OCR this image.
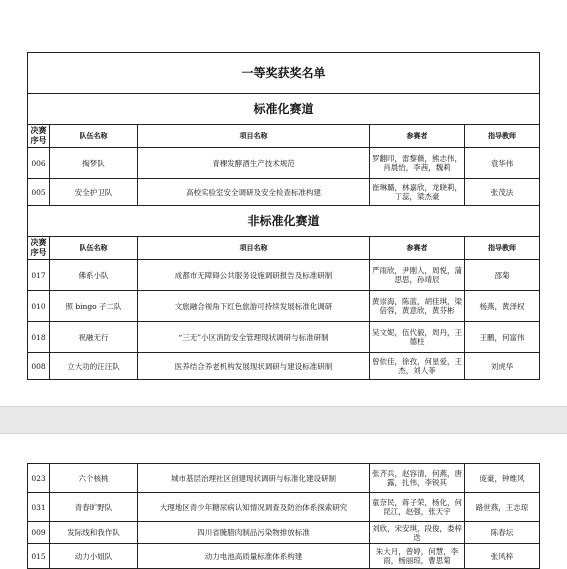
一等奖获奖名单				
标准化赛道				
决赛序号	队伍名称	项目名称	参赛者	指导教师
006	掏梦队	青稞发酵酒生产技术规范	罗翻印，雷黎薇，熊志伟，肖晨怡，李茜，魏莉	袁华伟
005	安全护卫队	高校实验室安全调研及安全检查标准构建	崔琳璐，林嘉欣，龙晓莉，丁蕊，梁杰豪	张茂法
非标准化赛道				
决赛序号	队伍名称	项目名称	参赛者	指导教师
017	佛系小队	成都市无障碍公共服务设施调研报告及标准研制	严雨欣，尹刚人，周悦，蒲思思，孙靖辰	邵菊
010	照 bingo 子二队	文旅融合视角下红色旅游可持续发展标准化调研	黄崇海，陈蓝，胡佳琪，梁倍蓉，黄意欣，黄芬彬	杨燕，黄泽权
018	祝融无行	“三无”小区消防安全管理现状调研与标准研制	吴文妮，伍代毅，周丹，王德柱	王鹏，何富伟
008	立大功的汪汪队	医养结合养老机构发展现状调研与建设标准研制	曾依佳，徐孜，何星爱，王杰，刘人菲	刘虎华
023	六个核桃	城市基层治理社区创建现状调研与标准化建设研制	张齐兵，赵容清，何燕，唐露，扎伟，李锐其	庞豪，钟维风
031	青春旷野队	大理地区青少年糖尿病认知情况调查及防治体系探索研究	童奈民，蒋子荣，杨化，何昆江，赵强，张天宇	路世燕，王志琼
009	发际线和我作队	四川省腌腊肉制品污染物排放标准	刘欣，宋安琪，段俊，娄梓迭	陈春坛
015	动力小姐队	动力电池高质量标准体系构建	朱大月，曾婷，何慧，李雨，杨丽琼，曹思菊	张风梓
